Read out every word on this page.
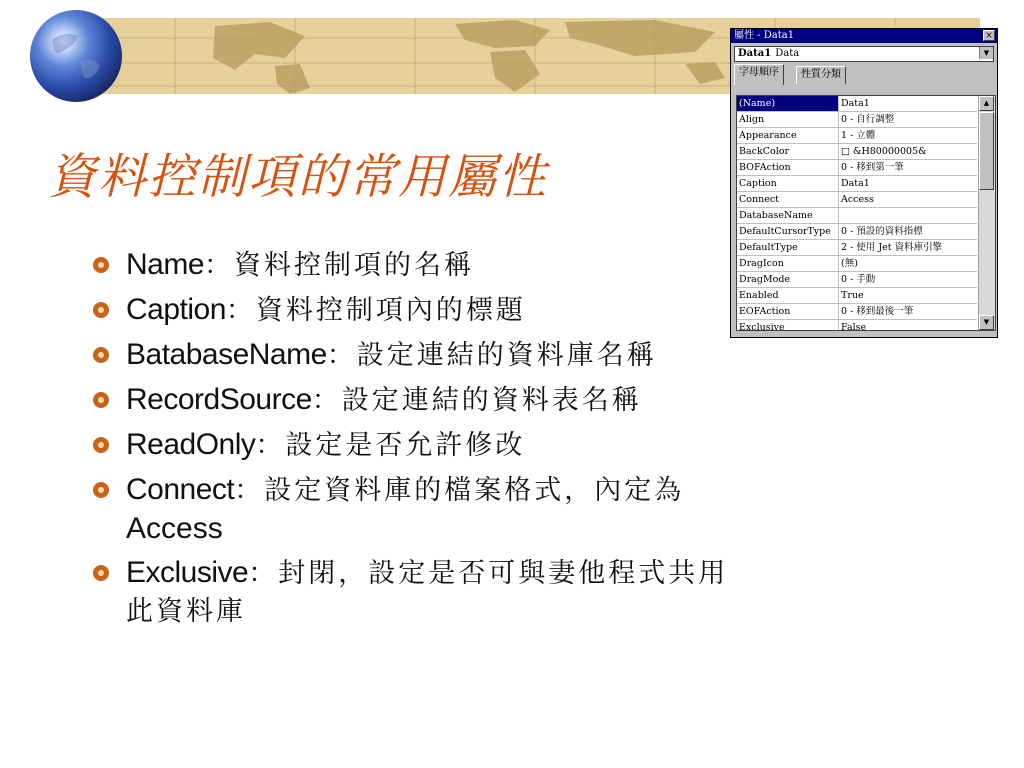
資料控制項的常用屬性
Name：資料控制項的名稱
Caption：資料控制項內的標題
BatabaseName：設定連結的資料庫名稱
RecordSource：設定連結的資料表名稱
ReadOnly：設定是否允許修改
Connect：設定資料庫的檔案格式，內定為
Access
Exclusive：封閉，設定是否可與妻他程式共用
此資料庫
屬性 - Data1	×
Data1 Data	▼
字母順序	性質分類
(Name)	Data1
Align	0 - 自行調整
Appearance	1 - 立體
BackColor	□ &H80000005&
BOFAction	0 - 移到第一筆
Caption	Data1
Connect	Access
DatabaseName	
DefaultCursorType	0 - 預設的資料指標
DefaultType	2 - 使用 Jet 資料庫引擎
DragIcon	(無)
DragMode	0 - 手動
Enabled	True
EOFAction	0 - 移到最後一筆
Exclusive	False
▲
▼
